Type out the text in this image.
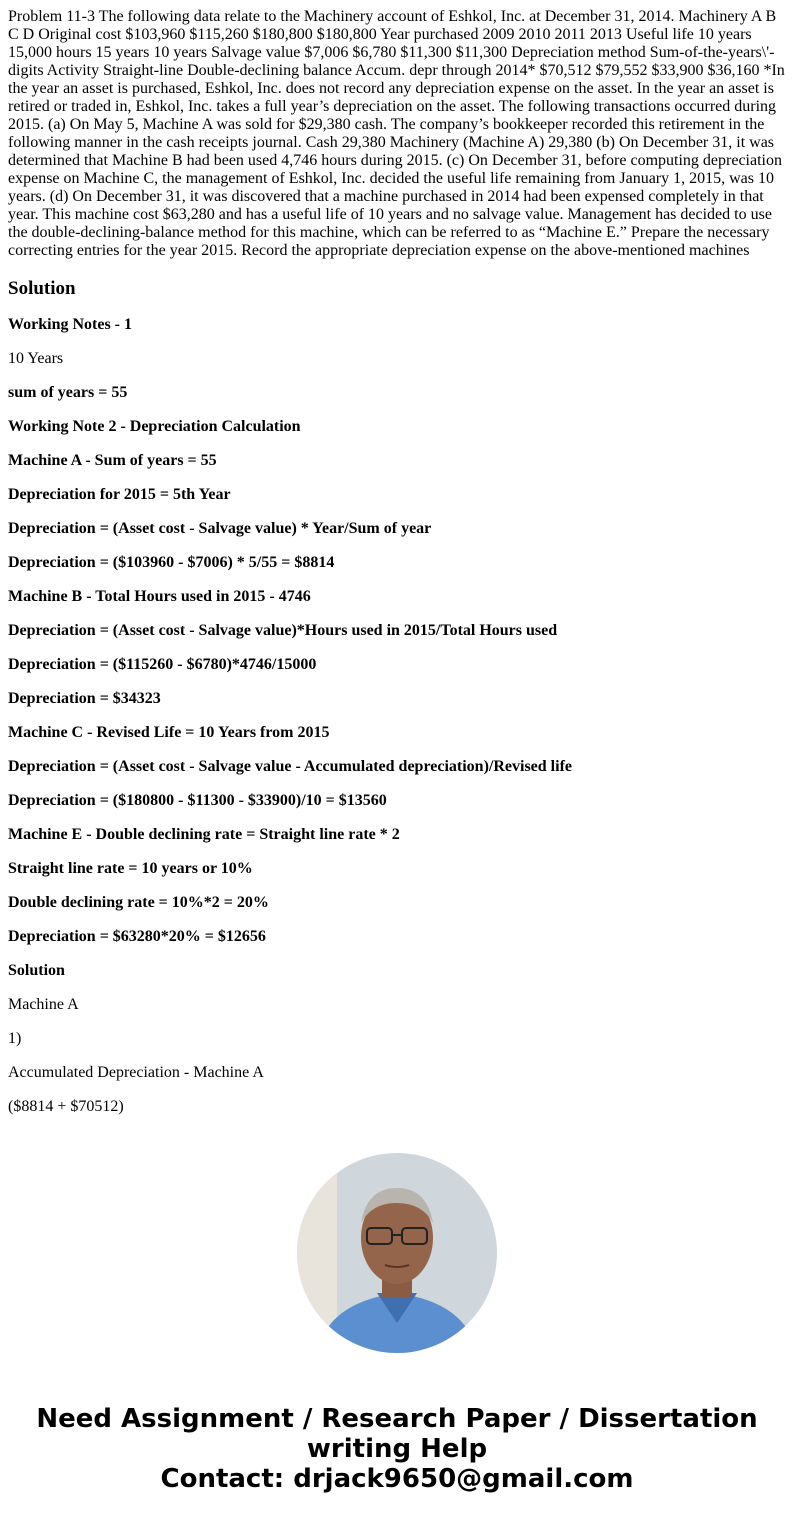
Problem 11-3 The following data relate to the Machinery account of Eshkol, Inc. at December 31, 2014. Machinery A B C D Original cost $103,960 $115,260 $180,800 $180,800 Year purchased 2009 2010 2011 2013 Useful life 10 years 15,000 hours 15 years 10 years Salvage value $7,006 $6,780 $11,300 $11,300 Depreciation method Sum-of-the-years\'-digits Activity Straight-line Double-declining balance Accum. depr through 2014* $70,512 $79,552 $33,900 $36,160 *In the year an asset is purchased, Eshkol, Inc. does not record any depreciation expense on the asset. In the year an asset is retired or traded in, Eshkol, Inc. takes a full year’s depreciation on the asset. The following transactions occurred during 2015. (a) On May 5, Machine A was sold for $29,380 cash. The company’s bookkeeper recorded this retirement in the following manner in the cash receipts journal. Cash 29,380 Machinery (Machine A) 29,380 (b) On December 31, it was determined that Machine B had been used 4,746 hours during 2015. (c) On December 31, before computing depreciation expense on Machine C, the management of Eshkol, Inc. decided the useful life remaining from January 1, 2015, was 10 years. (d) On December 31, it was discovered that a machine purchased in 2014 had been expensed completely in that year. This machine cost $63,280 and has a useful life of 10 years and no salvage value. Management has decided to use the double-declining-balance method for this machine, which can be referred to as “Machine E.” Prepare the necessary correcting entries for the year 2015. Record the appropriate depreciation expense on the above-mentioned machines

Solution

Working Notes - 1

10 Years

sum of years = 55

Working Note 2 - Depreciation Calculation

Machine A - Sum of years = 55

Depreciation for 2015 = 5th Year

Depreciation = (Asset cost - Salvage value) * Year/Sum of year

Depreciation = ($103960 - $7006) * 5/55 = $8814

Machine B - Total Hours used in 2015 - 4746

Depreciation = (Asset cost - Salvage value)*Hours used in 2015/Total Hours used

Depreciation = ($115260 - $6780)*4746/15000

Depreciation = $34323

Machine C - Revised Life = 10 Years from 2015

Depreciation = (Asset cost - Salvage value - Accumulated depreciation)/Revised life

Depreciation = ($180800 - $11300 - $33900)/10 = $13560

Machine E - Double declining rate = Straight line rate * 2

Straight line rate = 10 years or 10%

Double declining rate = 10%*2 = 20%

Depreciation = $63280*20% = $12656

Solution

Machine A

1)

Accumulated Depreciation - Machine A

($8814 + $70512)

Need Assignment / Research Paper / Dissertation
writing Help
Contact: drjack9650@gmail.com
